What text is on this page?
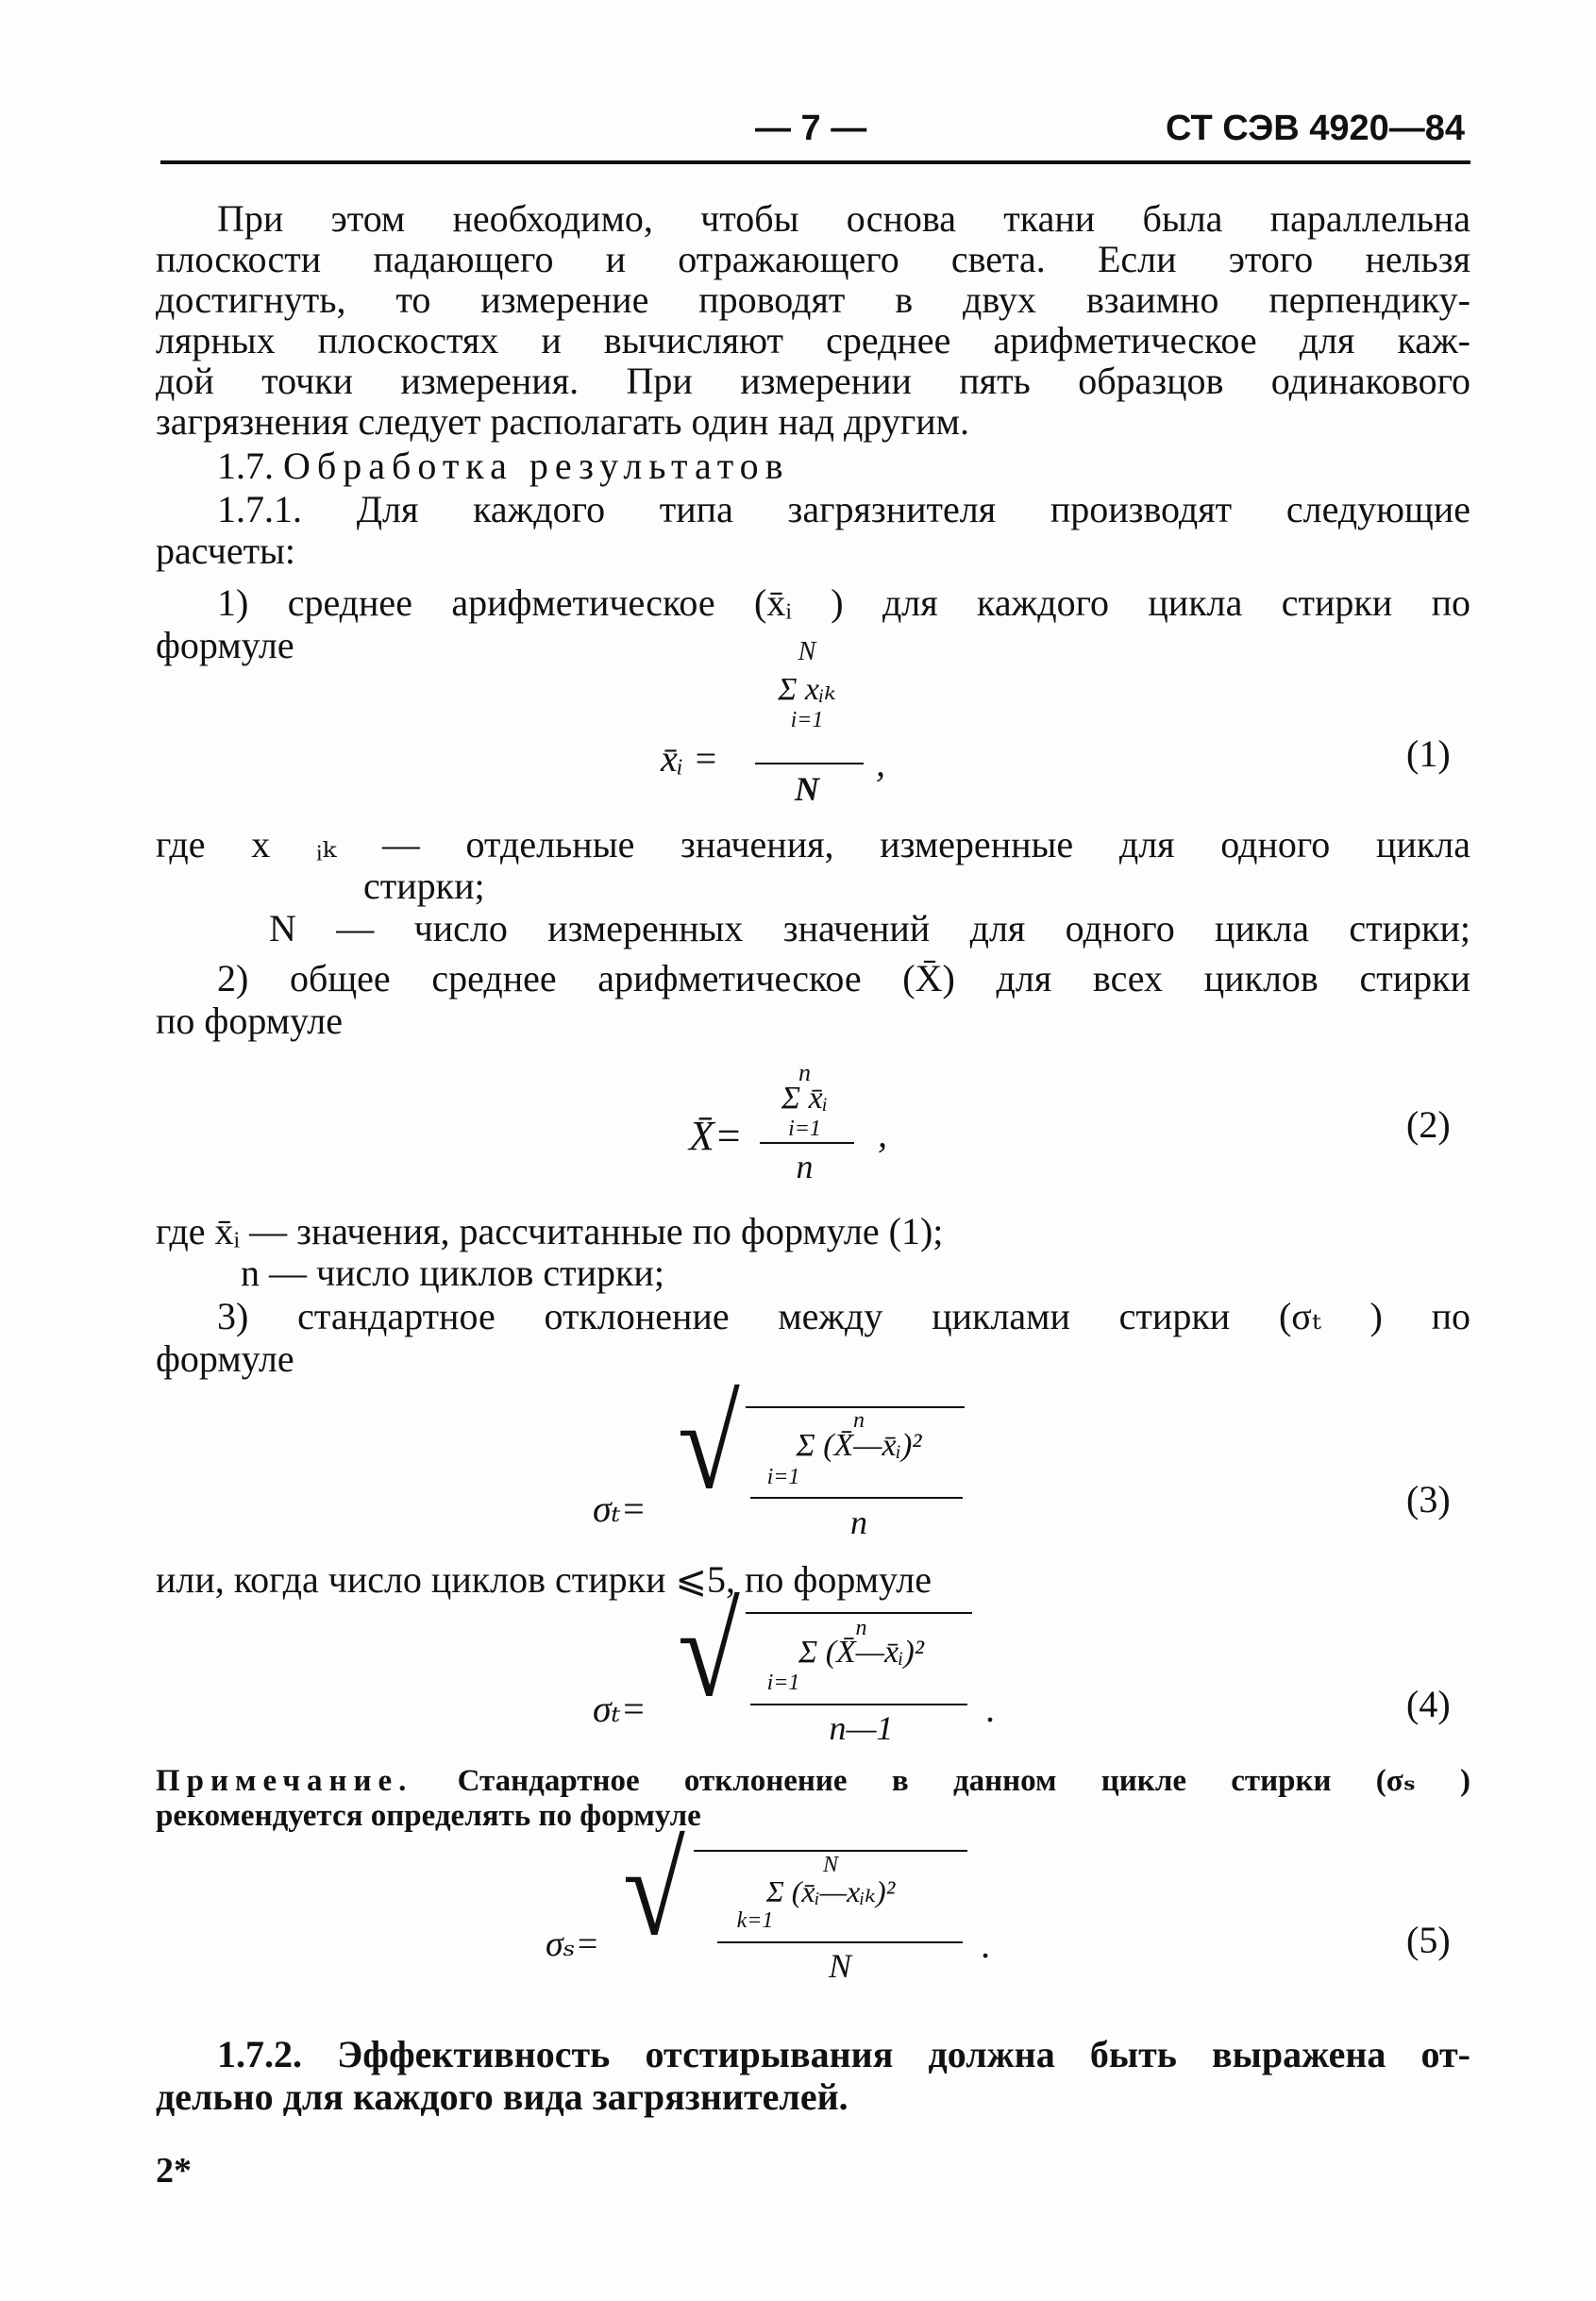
— 7 —	СТ СЭВ 4920—84
При этом необходимо, чтобы основа ткани была параллельна
плоскости падающего и отражающего света. Если этого нельзя
достигнуть, то измерение проводят в двух взаимно перпендику-
лярных плоскостях и вычисляют среднее арифметическое для каж-
дой точки измерения. При измерении пять образцов одинакового
загрязнения следует располагать один над другим.
1.7. Обработка результатов
1.7.1. Для каждого типа загрязнителя производят следующие
расчеты:
1) среднее арифметическое (x̄ᵢ ) для каждого цикла стирки по
формуле
x̄ᵢ =
N
Σ xᵢₖ
i=1
N
,	(1)
где x ᵢₖ — отдельные значения, измеренные для одного цикла
стирки;
N — число измеренных значений для одного цикла стирки;
2) общее среднее арифметическое (X̄) для всех циклов стирки
по формуле
X̄=
n
Σ x̄ᵢ
i=1
n
,	(2)
где x̄ᵢ — значения, рассчитанные по формуле (1);
n — число циклов стирки;
3) стандартное отклонение между циклами стирки (σₜ ) по
формуле
σₜ= √	n
Σ (X̄—x̄ᵢ)²
i=1
n
(3)
или, когда число циклов стирки ⩽5, по формуле
σₜ= √	n
Σ (X̄—x̄ᵢ)²
i=1
n—1	.	(4)
Примечание. Стандартное отклонение в данном цикле стирки (σₛ )
рекомендуется определять по формуле
σₛ= √	N
Σ (x̄ᵢ—xᵢₖ)²
k=1
N	.	(5)
1.7.2. Эффективность отстирывания должна быть выражена от-
дельно для каждого вида загрязнителей.
2*
